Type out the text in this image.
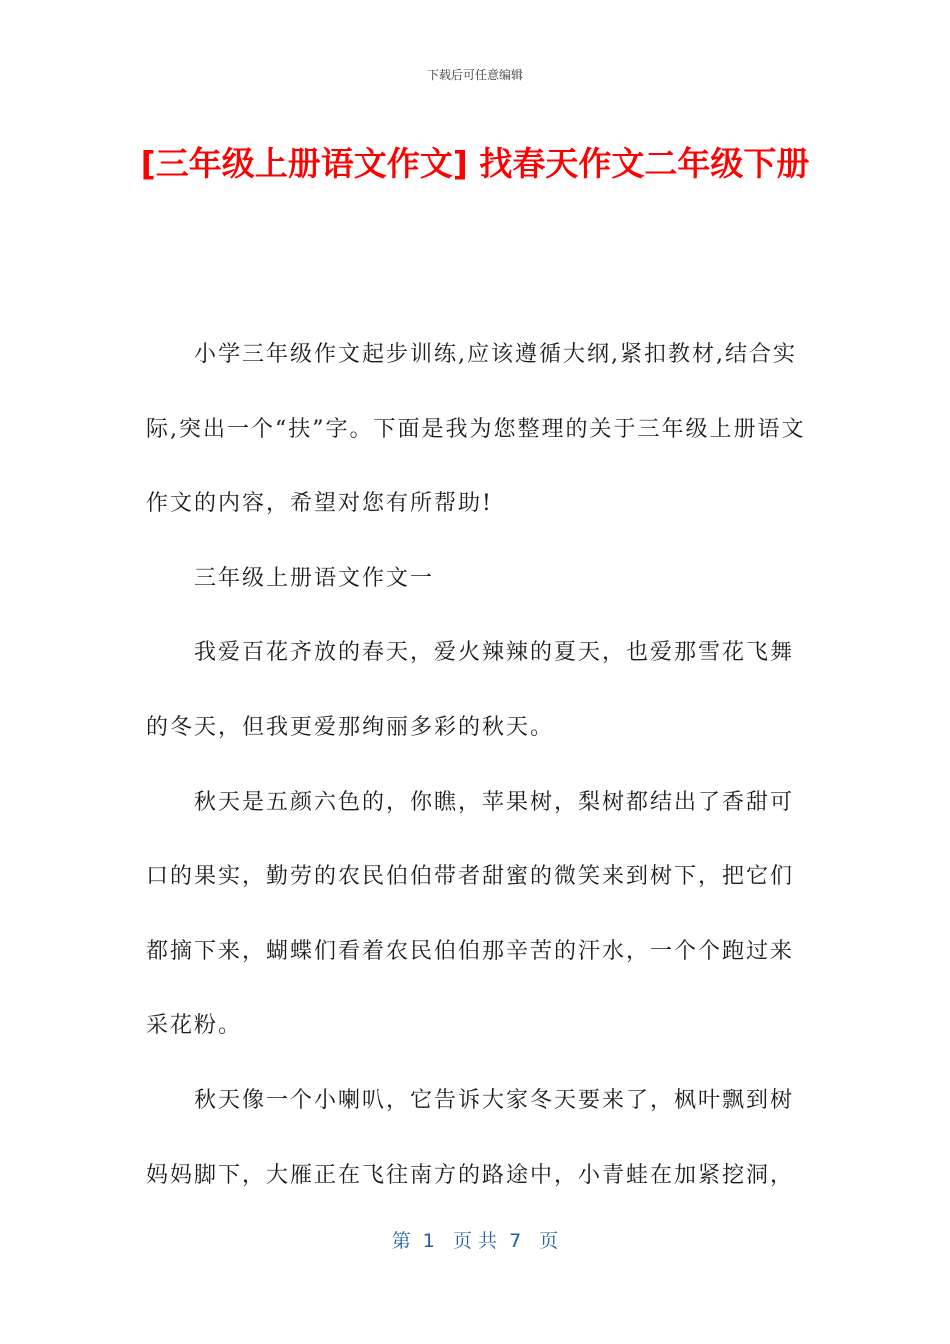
下载后可任意编辑
[三年级上册语文作文] 找春天作文二年级下册

小学三年级作文起步训练,应该遵循大纲,紧扣教材,结合实际,突出一个“扶”字。下面是我为您整理的关于三年级上册语文作文的内容，希望对您有所帮助!

三年级上册语文作文一

我爱百花齐放的春天，爱火辣辣的夏天，也爱那雪花飞舞的冬天，但我更爱那绚丽多彩的秋天。

秋天是五颜六色的，你瞧，苹果树，梨树都结出了香甜可口的果实，勤劳的农民伯伯带者甜蜜的微笑来到树下，把它们都摘下来，蝴蝶们看着农民伯伯那辛苦的汗水，一个个跑过来采花粉。

秋天像一个小喇叭，它告诉大家冬天要来了，枫叶飘到树妈妈脚下，大雁正在飞往南方的路途中，小青蛙在加紧挖洞，

第  1   页 共  7   页
